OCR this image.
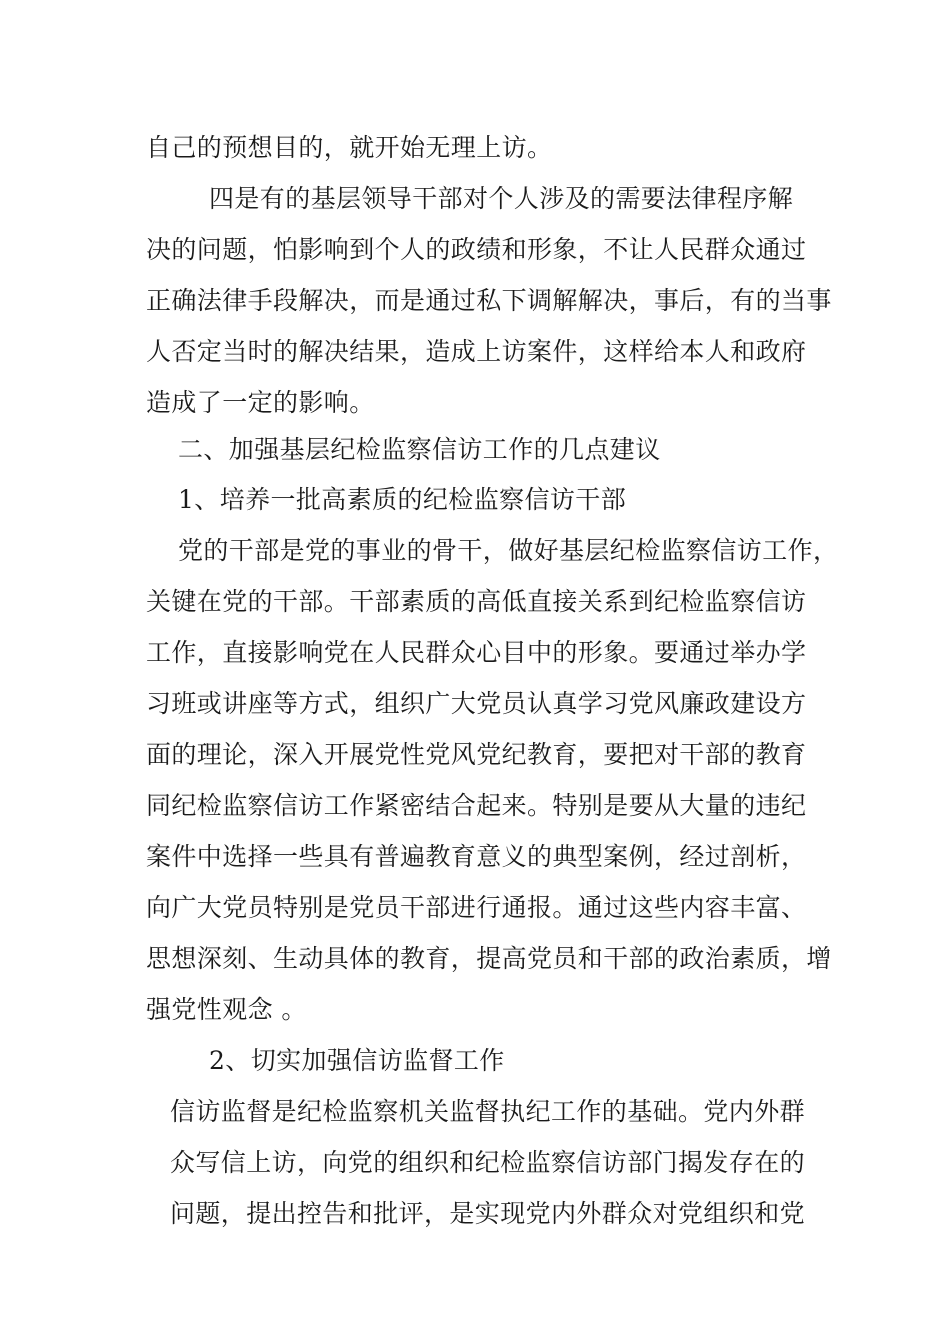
自己的预想目的，就开始无理上访。
四是有的基层领导干部对个人涉及的需要法律程序解
决的问题，怕影响到个人的政绩和形象，不让人民群众通过
正确法律手段解决，而是通过私下调解解决，事后，有的当事
人否定当时的解决结果，造成上访案件，这样给本人和政府
造成了一定的影响。
二、加强基层纪检监察信访工作的几点建议
1、培养一批高素质的纪检监察信访干部
党的干部是党的事业的骨干，做好基层纪检监察信访工作，
关键在党的干部。干部素质的高低直接关系到纪检监察信访
工作，直接影响党在人民群众心目中的形象。要通过举办学
习班或讲座等方式，组织广大党员认真学习党风廉政建设方
面的理论，深入开展党性党风党纪教育，要把对干部的教育
同纪检监察信访工作紧密结合起来。特别是要从大量的违纪
案件中选择一些具有普遍教育意义的典型案例，经过剖析，
向广大党员特别是党员干部进行通报。通过这些内容丰富、
思想深刻、生动具体的教育，提高党员和干部的政治素质，增
强党性观念 。
2、切实加强信访监督工作
信访监督是纪检监察机关监督执纪工作的基础。党内外群
众写信上访，向党的组织和纪检监察信访部门揭发存在的
问题，提出控告和批评，是实现党内外群众对党组织和党
